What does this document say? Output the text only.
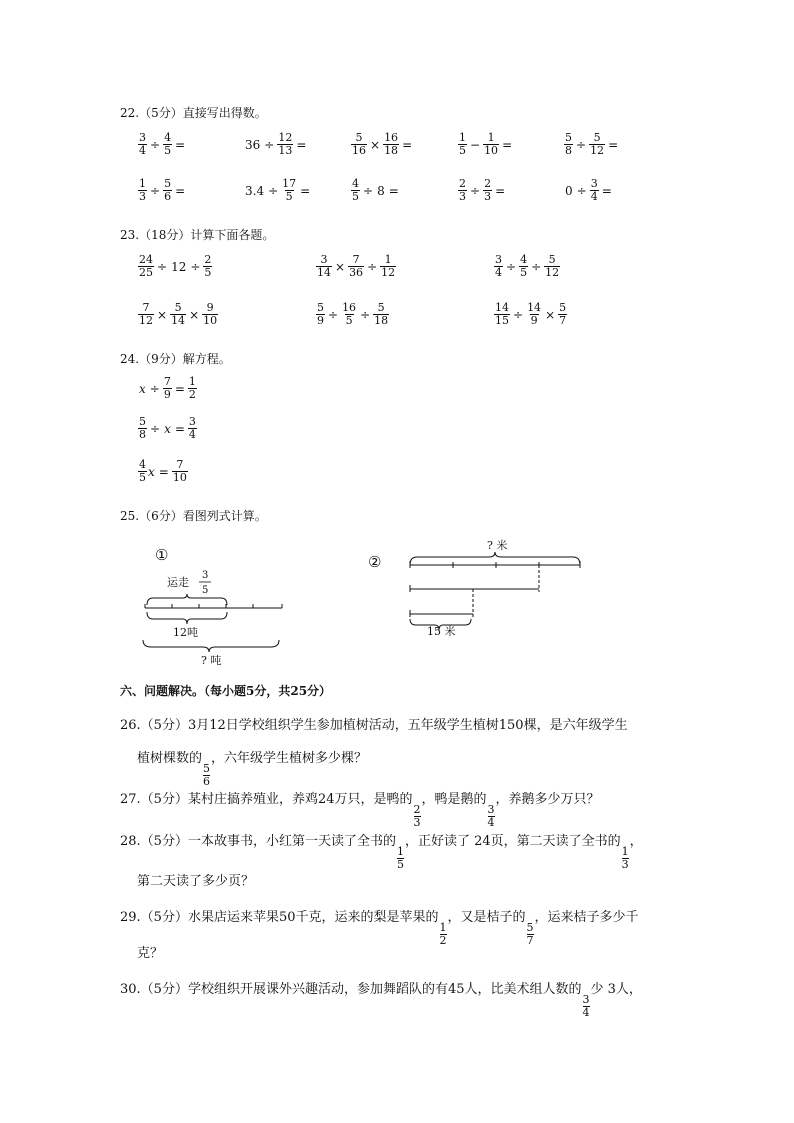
22.（5分）直接写出得数。
$\frac{3}{4} \div \frac{4}{5}$ =	$36 \div \frac{12}{13}$ =	$\frac{5}{16} \times \frac{16}{18}$ =	$\frac{1}{5} - \frac{1}{10}$ =	$\frac{5}{8} \div \frac{5}{12}$ =
$\frac{1}{3} \div \frac{5}{6}$ =	$3.4 \div \frac{17}{5}$ =	$\frac{4}{5} \div 8$ =	$\frac{2}{3} \div \frac{2}{3}$ =	$0 \div \frac{3}{4}$ =
23.（18分）计算下面各题。
$\frac{24}{25} \div 12 \div \frac{2}{5}$	$\frac{3}{14} \times \frac{7}{36} \div \frac{1}{12}$	$\frac{3}{4} \div \frac{4}{5} \div \frac{5}{12}$
$\frac{7}{12} \times \frac{5}{14} \times \frac{9}{10}$	$\frac{5}{9} \div \frac{16}{5} \div \frac{5}{18}$	$\frac{14}{15} \div \frac{14}{9} \times \frac{5}{7}$
24.（9分）解方程。
$x \div \frac{7}{9} = \frac{1}{2}$
$\frac{5}{8} \div x = \frac{3}{4}$
$\frac{4}{5}$ $x = \frac{7}{10}$
25.（6分）看图列式计算。
①
运走
3
5
12吨
? 吨
②
? 米
15 米
六、问题解决。（每小题5分，共25分）
26.（5分）3月12日学校组织学生参加植树活动，五年级学生植树150棵，是六年级学生
植树棵数的
$\frac{5}{6}$
，六年级学生植树多少棵？
27.（5分）某村庄搞养殖业，养鸡24万只，是鸭的
$\frac{2}{3}$
，鸭是鹅的
$\frac{3}{4}$
，养鹅多少万只？
28.（5分）一本故事书，小红第一天读了全书的
$\frac{1}{5}$
，正好读了 24页，第二天读了全书的
$\frac{1}{3}$
，
第二天读了多少页？
29.（5分）水果店运来苹果50千克，运来的梨是苹果的
$\frac{1}{2}$
，又是桔子的
$\frac{5}{7}$
，运来桔子多少千
克？
30.（5分）学校组织开展课外兴趣活动，参加舞蹈队的有45人，比美术组人数的
$\frac{3}{4}$
少 3人，
